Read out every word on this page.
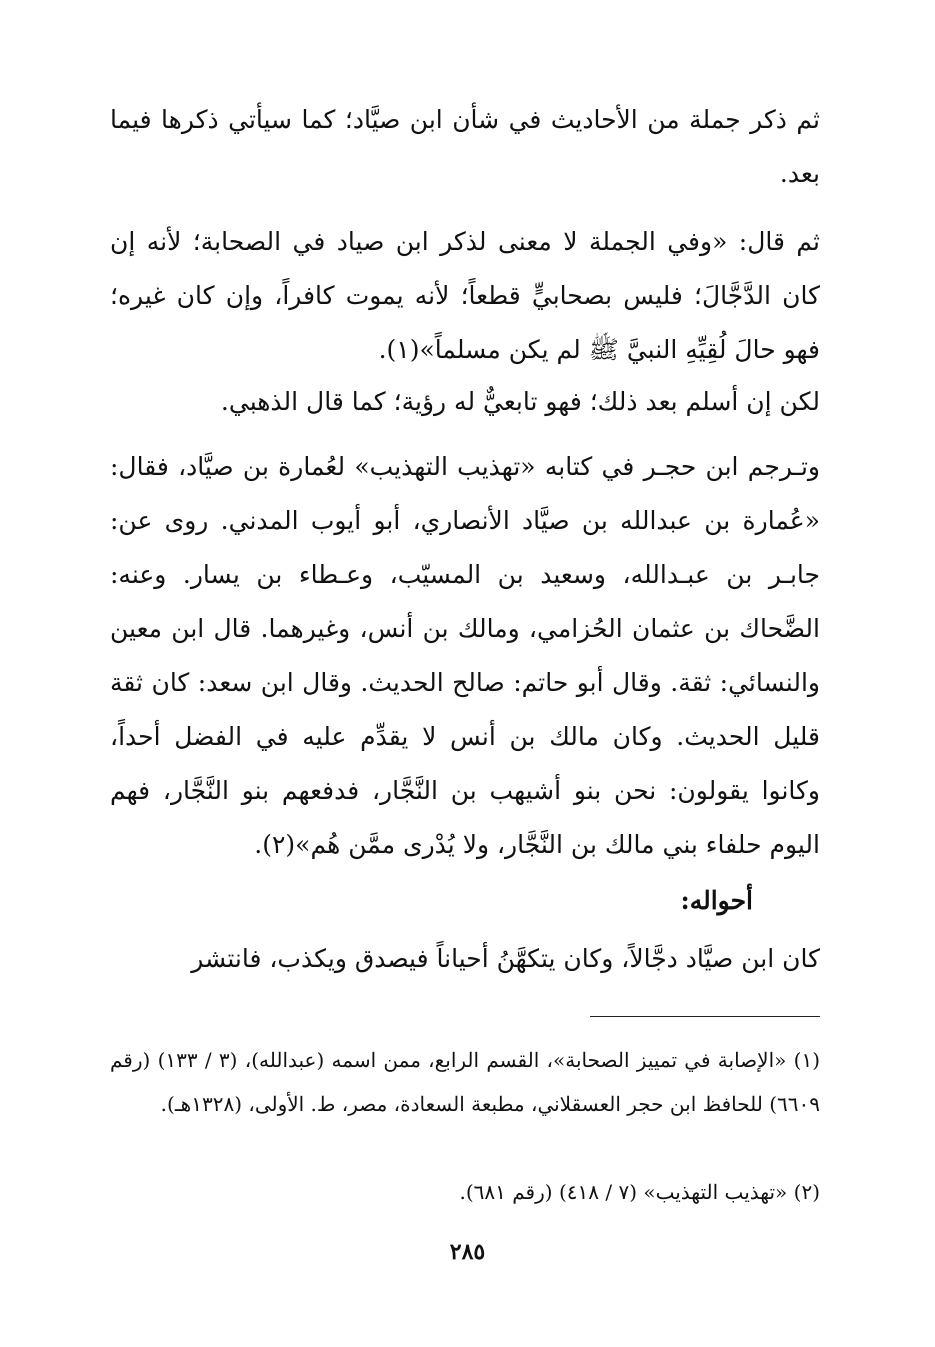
ثم ذكر جملة من الأحاديث في شأن ابن صيَّاد؛ كما سيأتي ذكرها فيما بعد.

ثم قال: «وفي الجملة لا معنى لذكر ابن صياد في الصحابة؛ لأنه إن كان الدَّجَّالَ؛ فليس بصحابيٍّ قطعاً؛ لأنه يموت كافراً، وإن كان غيره؛ فهو حالَ لُقِيِّهِ النبيَّ ﷺ لم يكن مسلماً»(١).

لكن إن أسلم بعد ذلك؛ فهو تابعيٌّ له رؤية؛ كما قال الذهبي.

وتـرجم ابن حجـر في كتابه «تهذيب التهذيب» لعُمارة بن صيَّاد، فقال: «عُمارة بن عبدالله بن صيَّاد الأنصاري، أبو أيوب المدني. روى عن: جابـر بن عبـدالله، وسعيد بن المسيّب، وعـطاء بن يسار. وعنه: الضَّحاك بن عثمان الحُزامي، ومالك بن أنس، وغيرهما. قال ابن معين والنسائي: ثقة. وقال أبو حاتم: صالح الحديث. وقال ابن سعد: كان ثقة قليل الحديث. وكان مالك بن أنس لا يقدِّم عليه في الفضل أحداً، وكانوا يقولون: نحن بنو أشيهب بن النَّجَّار، فدفعهم بنو النَّجَّار، فهم اليوم حلفاء بني مالك بن النَّجَّار، ولا يُدْرى ممَّن هُم»(٢).

أحواله:

كان ابن صيَّاد دجَّالاً، وكان يتكهَّنُ أحياناً فيصدق ويكذب، فانتشر

(١) «الإصابة في تمييز الصحابة»، القسم الرابع، ممن اسمه (عبدالله)، (٣ / ١٣٣) (رقم ٦٦٠٩) للحافظ ابن حجر العسقلاني، مطبعة السعادة، مصر، ط. الأولى، (١٣٢٨هـ).

(٢) «تهذيب التهذيب» (٧ / ٤١٨) (رقم ٦٨١).

٢٨٥
